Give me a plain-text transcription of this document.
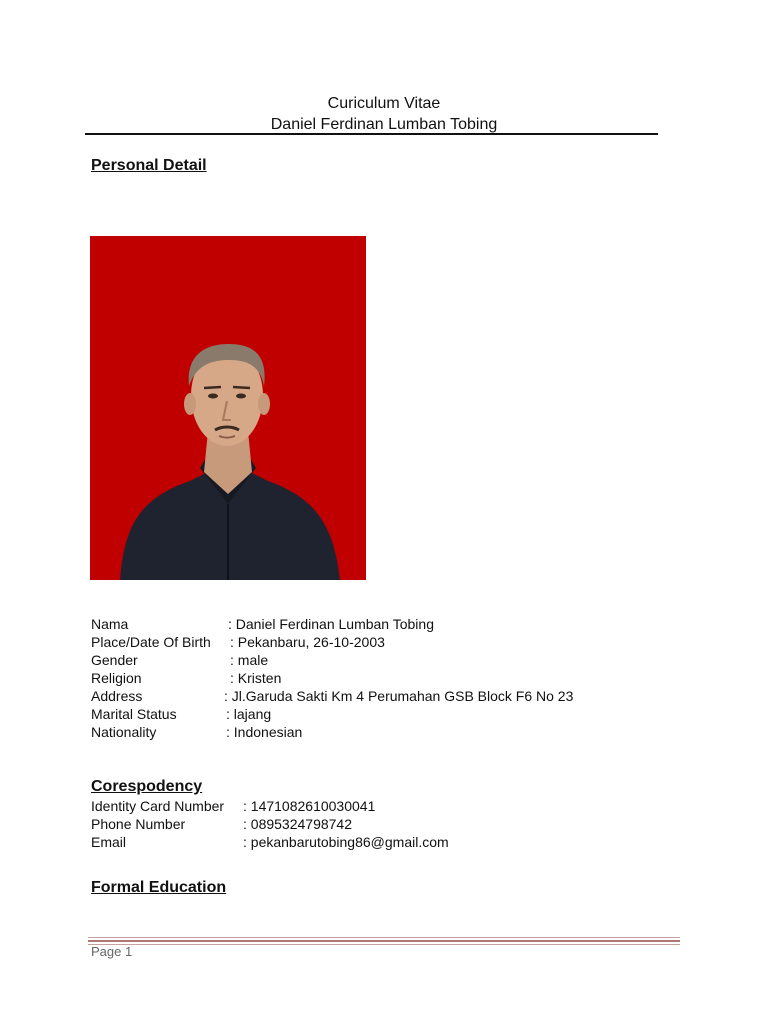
Curiculum Vitae
Daniel Ferdinan Lumban Tobing
Personal Detail
Nama	: Daniel Ferdinan Lumban Tobing
Place/Date Of Birth : Pekanbaru, 26-10-2003
Gender	: male
Religion	: Kristen
Address	: Jl.Garuda Sakti Km 4 Perumahan GSB Block F6 No 23
Marital Status	: lajang
Nationality	: Indonesian
Corespodency
Identity Card Number : 1471082610030041
Phone Number	: 0895324798742
Email	: pekanbarutobing86@gmail.com
Formal Education
Page 1
